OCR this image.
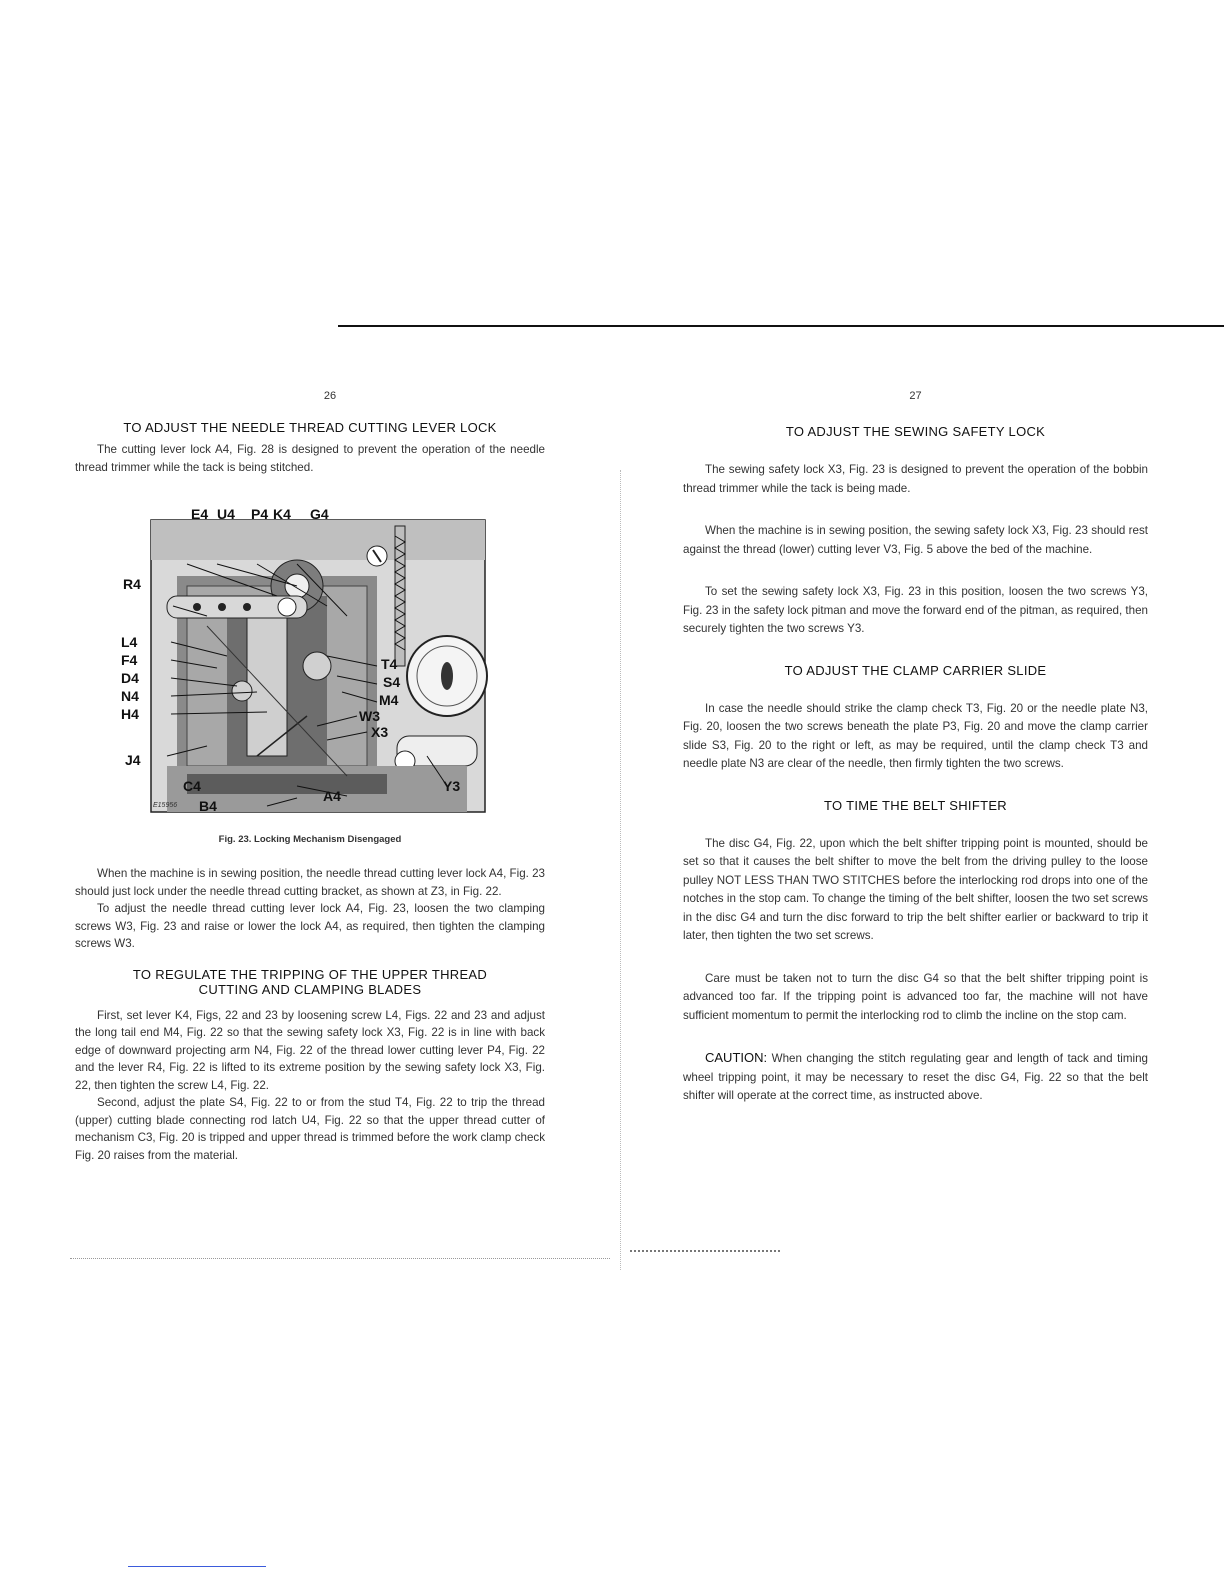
26
TO ADJUST THE NEEDLE THREAD CUTTING LEVER LOCK

The cutting lever lock A4, Fig. 28 is designed to prevent the operation of the needle thread trimmer while the tack is being stitched.

E4 U4 P4 K4 G4
R4
L4
F4
D4
N4
H4
J4
C4
B4
A4
T4
S4
M4
W3
X3
Y3
E15956
Fig. 23. Locking Mechanism Disengaged

When the machine is in sewing position, the needle thread cutting lever lock A4, Fig. 23 should just lock under the needle thread cutting bracket, as shown at Z3, in Fig. 22.

To adjust the needle thread cutting lever lock A4, Fig. 23, loosen the two clamping screws W3, Fig. 23 and raise or lower the lock A4, as required, then tighten the clamping screws W3.

TO REGULATE THE TRIPPING OF THE UPPER THREAD
CUTTING AND CLAMPING BLADES

First, set lever K4, Figs, 22 and 23 by loosening screw L4, Figs. 22 and 23 and adjust the long tail end M4, Fig. 22 so that the sewing safety lock X3, Fig. 22 is in line with back edge of downward projecting arm N4, Fig. 22 of the thread lower cutting lever P4, Fig. 22 and the lever R4, Fig. 22 is lifted to its extreme position by the sewing safety lock X3, Fig. 22, then tighten the screw L4, Fig. 22.

Second, adjust the plate S4, Fig. 22 to or from the stud T4, Fig. 22 to trip the thread (upper) cutting blade connecting rod latch U4, Fig. 22 so that the upper thread cutter of mechanism C3, Fig. 20 is tripped and upper thread is trimmed before the work clamp check Fig. 20 raises from the material.

27
TO ADJUST THE SEWING SAFETY LOCK

The sewing safety lock X3, Fig. 23 is designed to prevent the operation of the bobbin thread trimmer while the tack is being made.

When the machine is in sewing position, the sewing safety lock X3, Fig. 23 should rest against the thread (lower) cutting lever V3, Fig. 5 above the bed of the machine.

To set the sewing safety lock X3, Fig. 23 in this position, loosen the two screws Y3, Fig. 23 in the safety lock pitman and move the forward end of the pitman, as required, then securely tighten the two screws Y3.

TO ADJUST THE CLAMP CARRIER SLIDE

In case the needle should strike the clamp check T3, Fig. 20 or the needle plate N3, Fig. 20, loosen the two screws beneath the plate P3, Fig. 20 and move the clamp carrier slide S3, Fig. 20 to the right or left, as may be required, until the clamp check T3 and needle plate N3 are clear of the needle, then firmly tighten the two screws.

TO TIME THE BELT SHIFTER

The disc G4, Fig. 22, upon which the belt shifter tripping point is mounted, should be set so that it causes the belt shifter to move the belt from the driving pulley to the loose pulley NOT LESS THAN TWO STITCHES before the interlocking rod drops into one of the notches in the stop cam. To change the timing of the belt shifter, loosen the two set screws in the disc G4 and turn the disc forward to trip the belt shifter earlier or backward to trip it later, then tighten the two set screws.

Care must be taken not to turn the disc G4 so that the belt shifter tripping point is advanced too far. If the tripping point is advanced too far, the machine will not have sufficient momentum to permit the interlocking rod to climb the incline on the stop cam.

CAUTION: When changing the stitch regulating gear and length of tack and timing wheel tripping point, it may be necessary to reset the disc G4, Fig. 22 so that the belt shifter will operate at the correct time, as instructed above.
